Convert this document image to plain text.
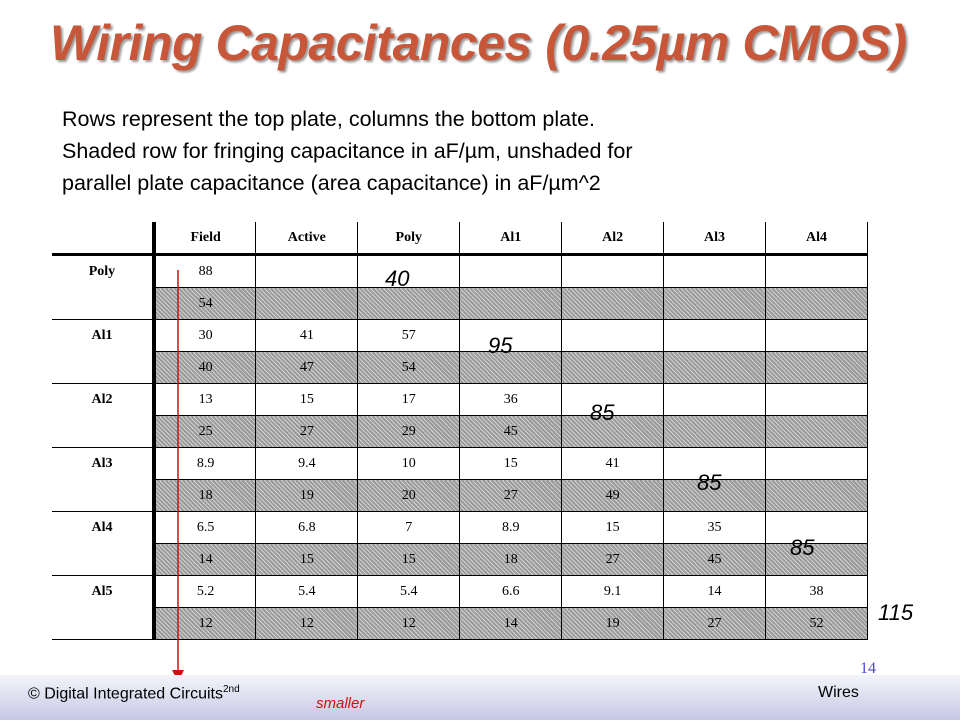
Wiring Capacitances (0.25µm CMOS)
Rows represent the top plate, columns the bottom plate.
Shaded row for fringing capacitance in aF/µm, unshaded for
parallel plate capacitance (area capacitance) in aF/µm^2
	Field	Active	Poly	Al1	Al2	Al3	Al4
Poly	88						
	54						
Al1	30	41	57				
	40	47	54				
Al2	13	15	17	36			
	25	27	29	45			
Al3	8.9	9.4	10	15	41		
	18	19	20	27	49		
Al4	6.5	6.8	7	8.9	15	35	
	14	15	15	18	27	45	
Al5	5.2	5.4	5.4	6.6	9.1	14	38
	12	12	12	14	19	27	52
40
95
85
85
85
115
14
© Digital Integrated Circuits$^{2nd}$	Wires
smaller
